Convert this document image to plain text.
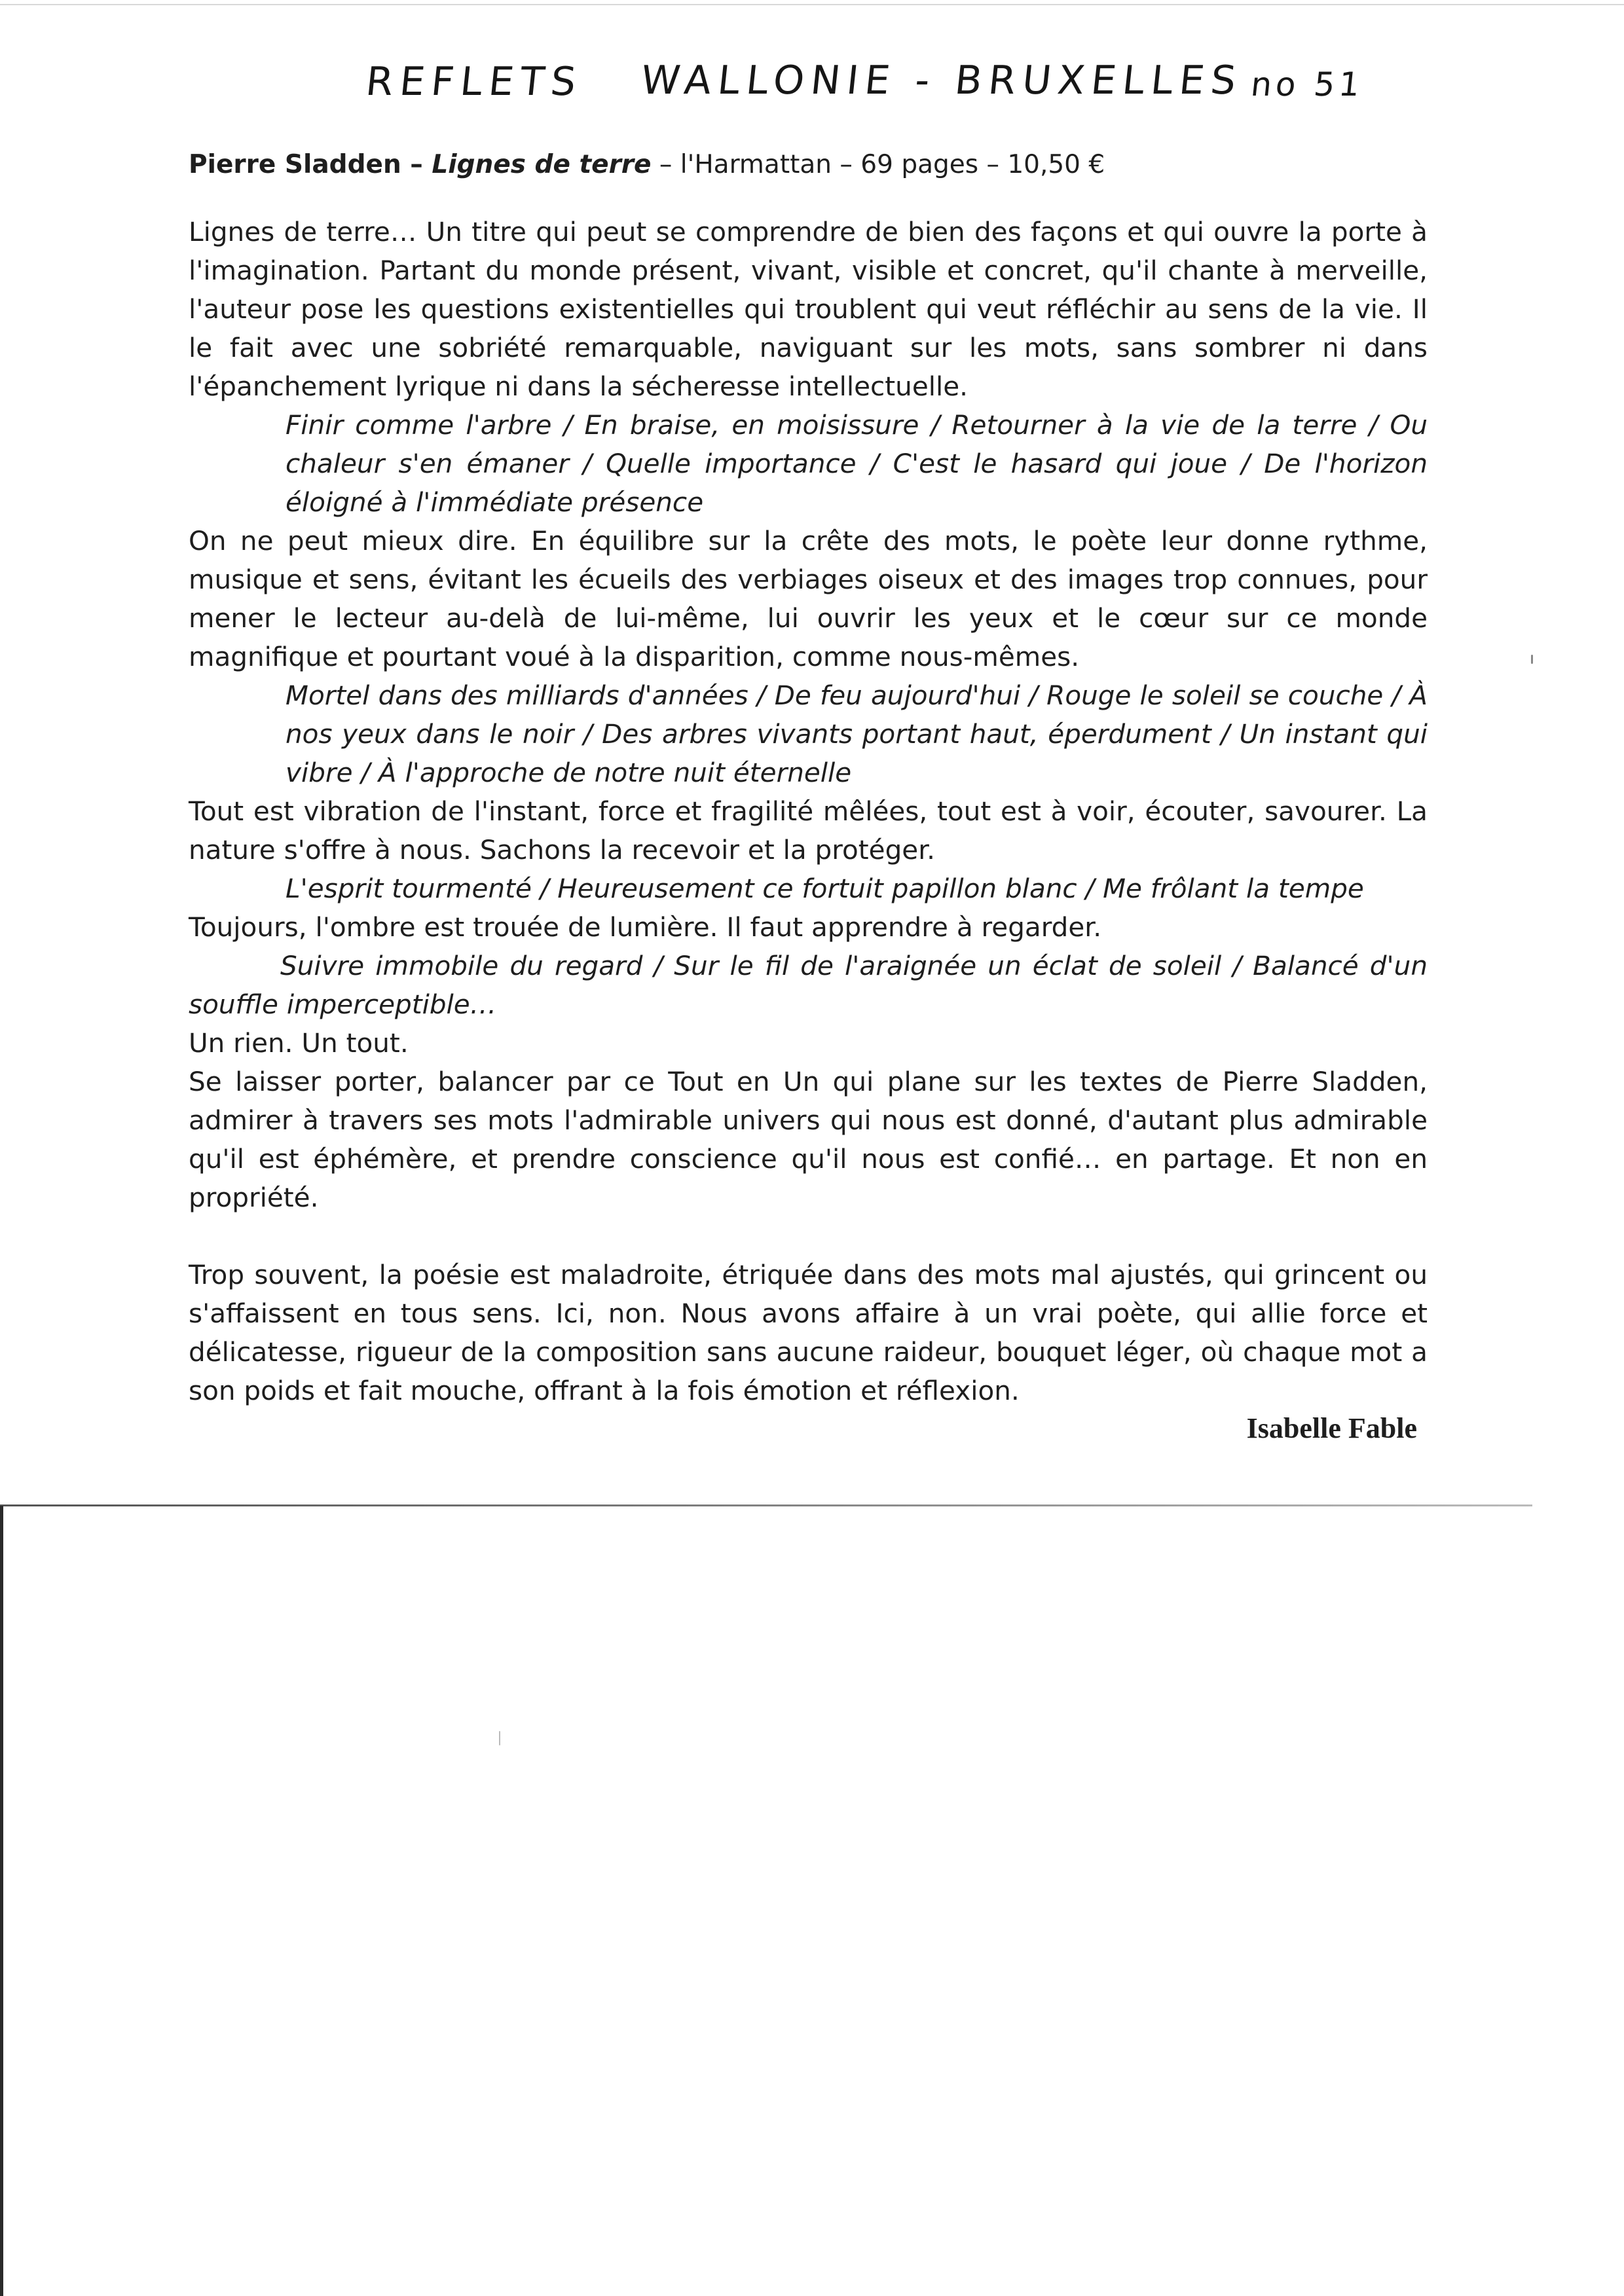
REFLETS WALLONIE - BRUXELLES no 51
Pierre Sladden – Lignes de terre – l'Harmattan – 69 pages – 10,50 €

Lignes de terre… Un titre qui peut se comprendre de bien des façons et qui ouvre la porte à l'imagination. Partant du monde présent, vivant, visible et concret, qu'il chante à merveille, l'auteur pose les questions existentielles qui troublent qui veut réfléchir au sens de la vie. Il le fait avec une sobriété remarquable, naviguant sur les mots, sans sombrer ni dans l'épanchement lyrique ni dans la sécheresse intellectuelle.

Finir comme l'arbre / En braise, en moisissure / Retourner à la vie de la terre / Ou chaleur s'en émaner / Quelle importance / C'est le hasard qui joue / De l'horizon éloigné à l'immédiate présence

On ne peut mieux dire. En équilibre sur la crête des mots, le poète leur donne rythme, musique et sens, évitant les écueils des verbiages oiseux et des images trop connues, pour mener le lecteur au-delà de lui-même, lui ouvrir les yeux et le cœur sur ce monde magnifique et pourtant voué à la disparition, comme nous-mêmes.

Mortel dans des milliards d'années / De feu aujourd'hui / Rouge le soleil se couche / À nos yeux dans le noir / Des arbres vivants portant haut, éperdument / Un instant qui vibre / À l'approche de notre nuit éternelle

Tout est vibration de l'instant, force et fragilité mêlées, tout est à voir, écouter, savourer. La nature s'offre à nous. Sachons la recevoir et la protéger.

L'esprit tourmenté / Heureusement ce fortuit papillon blanc / Me frôlant la tempe

Toujours, l'ombre est trouée de lumière. Il faut apprendre à regarder.

Suivre immobile du regard / Sur le fil de l'araignée un éclat de soleil / Balancé d'un souffle imperceptible…

Un rien. Un tout.

Se laisser porter, balancer par ce Tout en Un qui plane sur les textes de Pierre Sladden, admirer à travers ses mots l'admirable univers qui nous est donné, d'autant plus admirable qu'il est éphémère, et prendre conscience qu'il nous est confié… en partage. Et non en propriété.

Trop souvent, la poésie est maladroite, étriquée dans des mots mal ajustés, qui grincent ou s'affaissent en tous sens. Ici, non. Nous avons affaire à un vrai poète, qui allie force et délicatesse, rigueur de la composition sans aucune raideur, bouquet léger, où chaque mot a son poids et fait mouche, offrant à la fois émotion et réflexion.

Isabelle Fable
